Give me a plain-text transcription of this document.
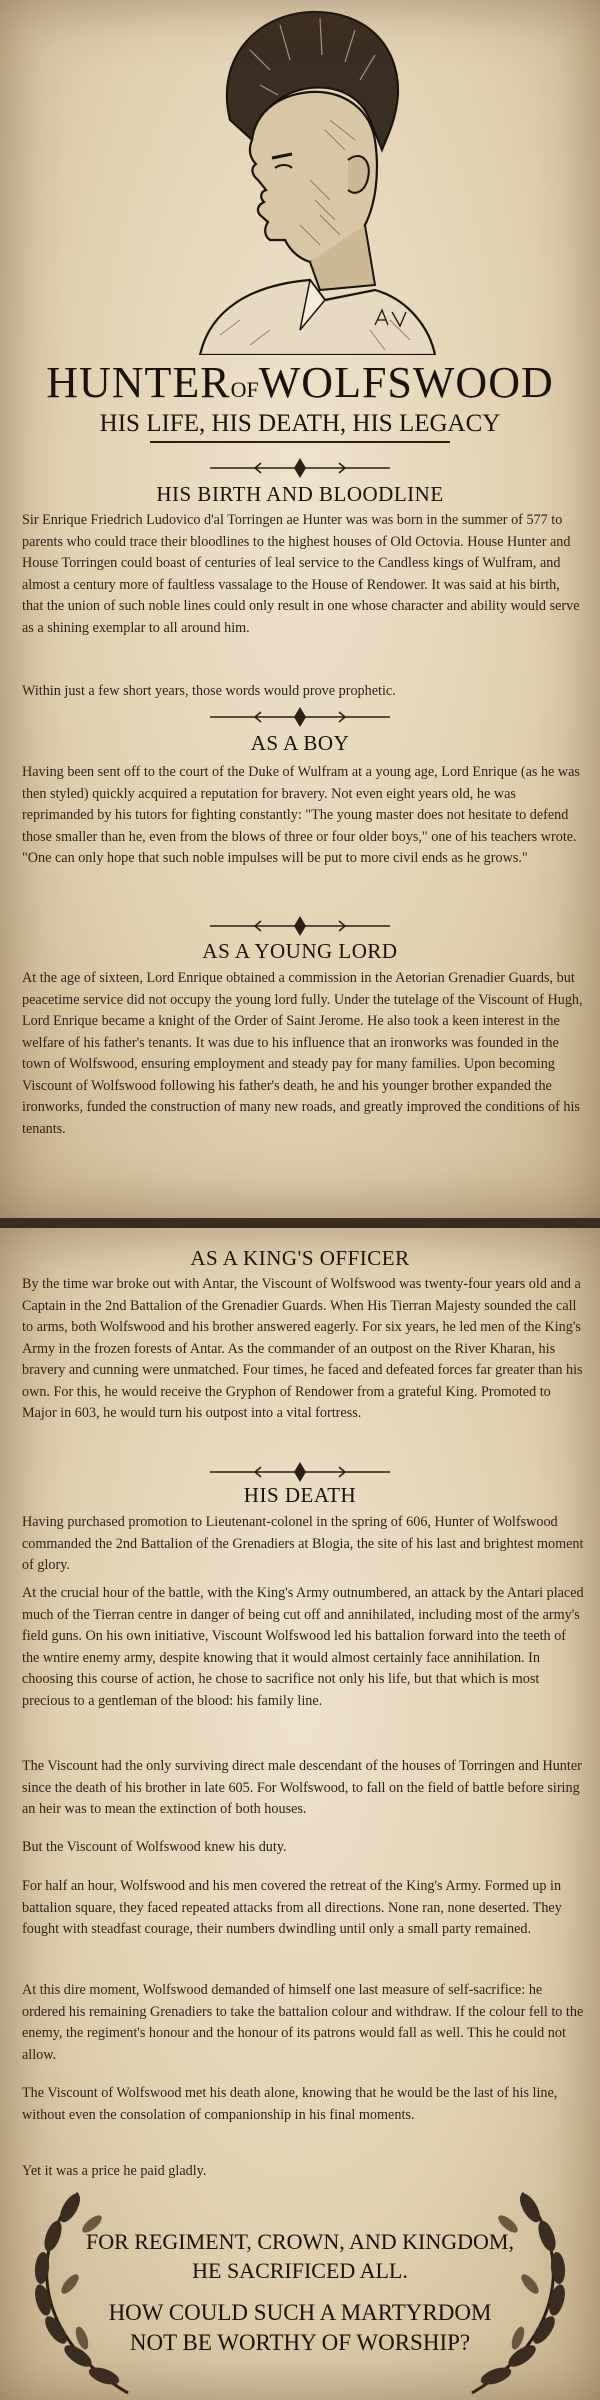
HUNTEROFWOLFSWOOD
HIS LIFE, HIS DEATH, HIS LEGACY
HIS BIRTH AND BLOODLINE

Sir Enrique Friedrich Ludovico d'al Torringen ae Hunter was was born in the summer of 577 to parents who could trace their bloodlines to the highest houses of Old Octovia. House Hunter and House Torringen could boast of centuries of leal service to the Candless kings of Wulfram, and almost a century more of faultless vassalage to the House of Rendower. It was said at his birth, that the union of such noble lines could only result in one whose character and ability would serve as a shining exemplar to all around him.

Within just a few short years, those words would prove prophetic.

AS A BOY

Having been sent off to the court of the Duke of Wulfram at a young age, Lord Enrique (as he was then styled) quickly acquired a reputation for bravery. Not even eight years old, he was reprimanded by his tutors for fighting constantly: "The young master does not hesitate to defend those smaller than he, even from the blows of three or four older boys," one of his teachers wrote. "One can only hope that such noble impulses will be put to more civil ends as he grows."

AS A YOUNG LORD

At the age of sixteen, Lord Enrique obtained a commission in the Aetorian Grenadier Guards, but peacetime service did not occupy the young lord fully. Under the tutelage of the Viscount of Hugh, Lord Enrique became a knight of the Order of Saint Jerome. He also took a keen interest in the welfare of his father's tenants. It was due to his influence that an ironworks was founded in the town of Wolfswood, ensuring employment and steady pay for many families. Upon becoming Viscount of Wolfswood following his father's death, he and his younger brother expanded the ironworks, funded the construction of many new roads, and greatly improved the conditions of his tenants.

AS A KING'S OFFICER

By the time war broke out with Antar, the Viscount of Wolfswood was twenty-four years old and a Captain in the 2nd Battalion of the Grenadier Guards. When His Tierran Majesty sounded the call to arms, both Wolfswood and his brother answered eagerly. For six years, he led men of the King's Army in the frozen forests of Antar. As the commander of an outpost on the River Kharan, his bravery and cunning were unmatched. Four times, he faced and defeated forces far greater than his own. For this, he would receive the Gryphon of Rendower from a grateful King. Promoted to Major in 603, he would turn his outpost into a vital fortress.

HIS DEATH

Having purchased promotion to Lieutenant-colonel in the spring of 606, Hunter of Wolfswood commanded the 2nd Battalion of the Grenadiers at Blogia, the site of his last and brightest moment of glory.

At the crucial hour of the battle, with the King's Army outnumbered, an attack by the Antari placed much of the Tierran centre in danger of being cut off and annihilated, including most of the army's field guns. On his own initiative, Viscount Wolfswood led his battalion forward into the teeth of the wntire enemy army, despite knowing that it would almost certainly face annihilation. In choosing this course of action, he chose to sacrifice not only his life, but that which is most precious to a gentleman of the blood: his family line.

The Viscount had the only surviving direct male descendant of the houses of Torringen and Hunter since the death of his brother in late 605. For Wolfswood, to fall on the field of battle before siring an heir was to mean the extinction of both houses.

But the Viscount of Wolfswood knew his duty.

For half an hour, Wolfswood and his men covered the retreat of the King's Army. Formed up in battalion square, they faced repeated attacks from all directions. None ran, none deserted. They fought with steadfast courage, their numbers dwindling until only a small party remained.

At this dire moment, Wolfswood demanded of himself one last measure of self-sacrifice: he ordered his remaining Grenadiers to take the battalion colour and withdraw. If the colour fell to the enemy, the regiment's honour and the honour of its patrons would fall as well. This he could not allow.

The Viscount of Wolfswood met his death alone, knowing that he would be the last of his line, without even the consolation of companionship in his final moments.

Yet it was a price he paid gladly.

FOR REGIMENT, CROWN, AND KINGDOM,
HE SACRIFICED ALL.
HOW COULD SUCH A MARTYRDOM
NOT BE WORTHY OF WORSHIP?
